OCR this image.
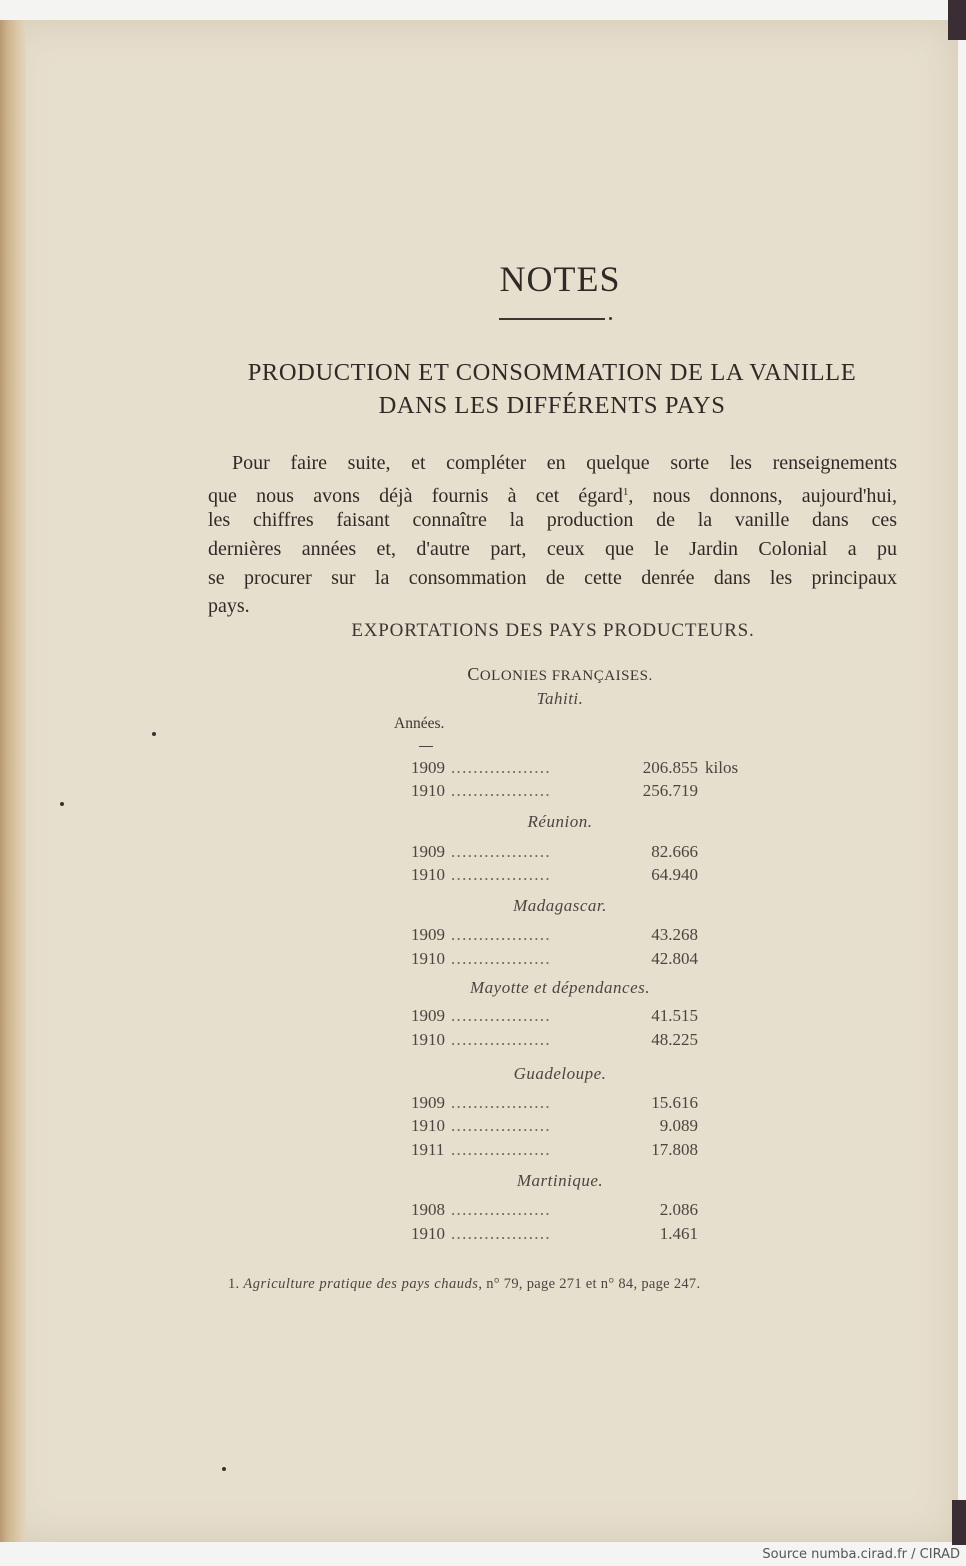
NOTES
PRODUCTION ET CONSOMMATION DE LA VANILLE
DANS LES DIFFÉRENTS PAYS
Pour faire suite, et compléter en quelque sorte les renseignements
que nous avons déjà fournis à cet égard$^1$, nous donnons, aujourd'hui,
les chiffres faisant connaître la production de la vanille dans ces
dernières années et, d'autre part, ceux que le Jardin Colonial a pu
se procurer sur la consommation de cette denrée dans les principaux
pays.
EXPORTATIONS DES PAYS PRODUCTEURS.
COLONIES FRANÇAISES.
Années.
Tahiti.
1909 ..................	206.855 kilos
1910 ..................	256.719
Réunion.
1909 ..................	82.666
1910 ..................	64.940
Madagascar.
1909 ..................	43.268
1910 ..................	42.804
Mayotte et dépendances.
1909 ..................	41.515
1910 ..................	48.225
Guadeloupe.
1909 ..................	15.616
1910 ..................	9.089
1911 ..................	17.808
Martinique.
1908 ..................	2.086
1910 ..................	1.461
1. Agriculture pratique des pays chauds, n° 79, page 271 et n° 84, page 247.
Source numba.cirad.fr / CIRAD
